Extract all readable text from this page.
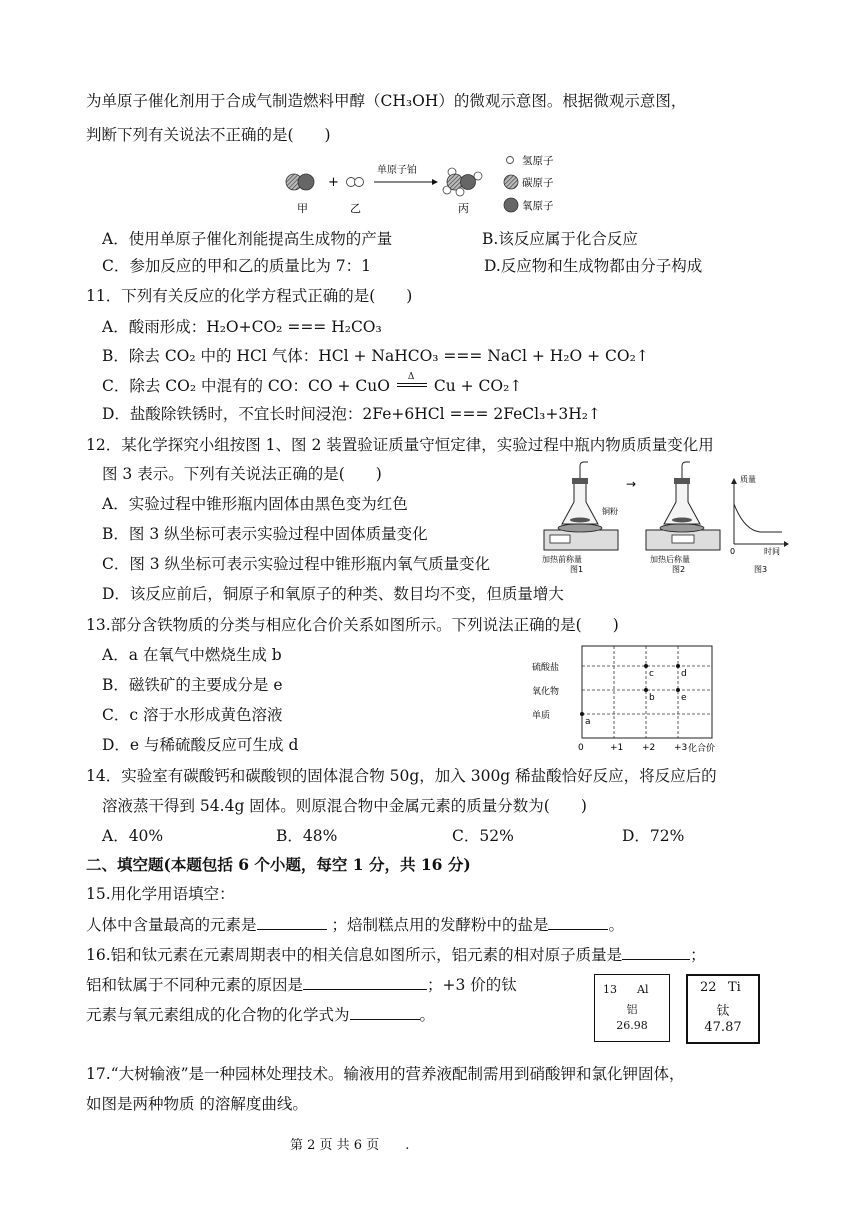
为单原子催化剂用于合成气制造燃料甲醇（CH₃OH）的微观示意图。根据微观示意图，
判断下列有关说法不正确的是(　　)
+
单原子铂
甲	乙	丙
氢原子
碳原子
氧原子
A．使用单原子催化剂能提高生成物的产量	B.该反应属于化合反应
C．参加反应的甲和乙的质量比为 7：1	D.反应物和生成物都由分子构成
11．下列有关反应的化学方程式正确的是(　　)
A．酸雨形成：H₂O+CO₂ === H₂CO₃
B．除去 CO₂ 中的 HCl 气体：HCl + NaHCO₃ === NaCl + H₂O + CO₂↑
C．除去 CO₂ 中混有的 CO：CO + CuO Δ Cu + CO₂↑
D．盐酸除铁锈时，不宜长时间浸泡：2Fe+6HCl === 2FeCl₃+3H₂↑
12．某化学探究小组按图 1、图 2 装置验证质量守恒定律，实验过程中瓶内物质质量变化用
图 3 表示。下列有关说法正确的是(　　)
A．实验过程中锥形瓶内固体由黑色变为红色
B．图 3 纵坐标可表示实验过程中固体质量变化
C．图 3 纵坐标可表示实验过程中锥形瓶内氧气质量变化
D．该反应前后，铜原子和氧原子的种类、数目均不变，但质量增大
铜粉
加热前称量
图1
→
加热后称量
图2
质量
0	时间
图3
13.部分含铁物质的分类与相应化合价关系如图所示。下列说法正确的是(　　)
A．a 在氧气中燃烧生成 b
B．磁铁矿的主要成分是 e
C．c 溶于水形成黄色溶液
D．e 与稀硫酸反应可生成 d
硫酸盐
氧化物
单质
0	+1 +2 +3 化合价
a
b
c	d
e
14．实验室有碳酸钙和碳酸钡的固体混合物 50g，加入 300g 稀盐酸恰好反应，将反应后的
溶液蒸干得到 54.4g 固体。则原混合物中金属元素的质量分数为(　　)
A．40%	B．48%	C．52%	D．72%
二、填空题(本题包括 6 个小题，每空 1 分，共 16 分)
15.用化学用语填空：
人体中含量最高的元素是	；焙制糕点用的发酵粉中的盐是	。
16.铝和钛元素在元素周期表中的相关信息如图所示，铝元素的相对原子质量是	；
铝和钛属于不同种元素的原因是	；+3 价的钛
元素与氧元素组成的化合物的化学式为	。
13 Al
铝
26.98
22 Ti
钛
47.87
17.“大树输液”是一种园林处理技术。输液用的营养液配制需用到硝酸钾和氯化钾固体，
如图是两种物质 的溶解度曲线。
第 2 页 共 6 页　　.
